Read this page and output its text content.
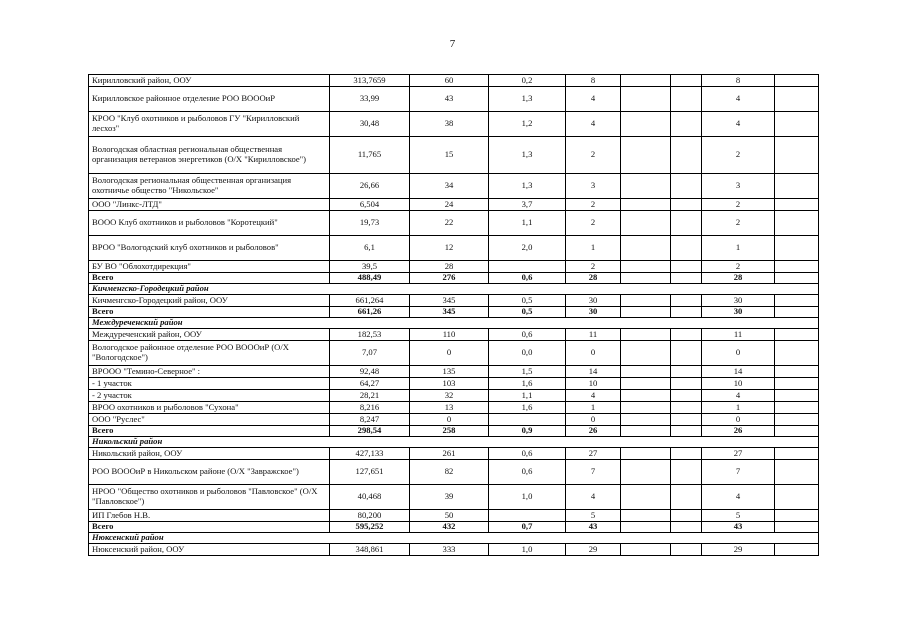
7
Кирилловский район, ООУ	313,7659	60	0,2	8			8	
Кирилловское районное отделение РОО ВОООиР	33,99	43	1,3	4			4	
КРОО "Клуб охотников и рыболовов ГУ "Кирилловский лесхоз"	30,48	38	1,2	4			4	
Вологодская областная региональная общественная организация ветеранов энергетиков (О/Х "Кирилловское")	11,765	15	1,3	2			2	
Вологодская региональная общественная организация охотничье общество "Никольское"	26,66	34	1,3	3			3	
ООО "Линкс-ЛТД"	6,504	24	3,7	2			2	
ВООО Клуб охотников и рыболовов "Коротецкий"	19,73	22	1,1	2			2	
ВРОО "Вологодский клуб охотников и рыболовов"	6,1	12	2,0	1			1	
БУ ВО "Облохотдирекция"	39,5	28		2			2	
Всего	488,49	276	0,6	28			28	
Кичменгско-Городецкий район								
Кичменгско-Городецкий район, ООУ	661,264	345	0,5	30			30	
Всего	661,26	345	0,5	30			30	
Междуреченский район								
Междуреченский район, ООУ	182,53	110	0,6	11			11	
Вологодское районное отделение РОО ВОООиР (О/Х "Вологодское")	7,07	0	0,0	0			0	
ВРООО "Темино-Северное" :	92,48	135	1,5	14			14	
- 1 участок	64,27	103	1,6	10			10	
- 2 участок	28,21	32	1,1	4			4	
ВРОО охотников и рыболовов "Сухона"	8,216	13	1,6	1			1	
ООО "Руслес"	8,247	0		0			0	
Всего	298,54	258	0,9	26			26	
Никольский район								
Никольский район, ООУ	427,133	261	0,6	27			27	
РОО ВОООиР в Никольском районе (О/Х "Завражское")	127,651	82	0,6	7			7	
НРОО "Общество охотников и рыболовов "Павловское" (О/Х "Павловское")	40,468	39	1,0	4			4	
ИП Глебов Н.В.	80,200	50		5			5	
Всего	595,252	432	0,7	43			43	
Нюксенский район								
Нюксенский район, ООУ	348,861	333	1,0	29			29	
